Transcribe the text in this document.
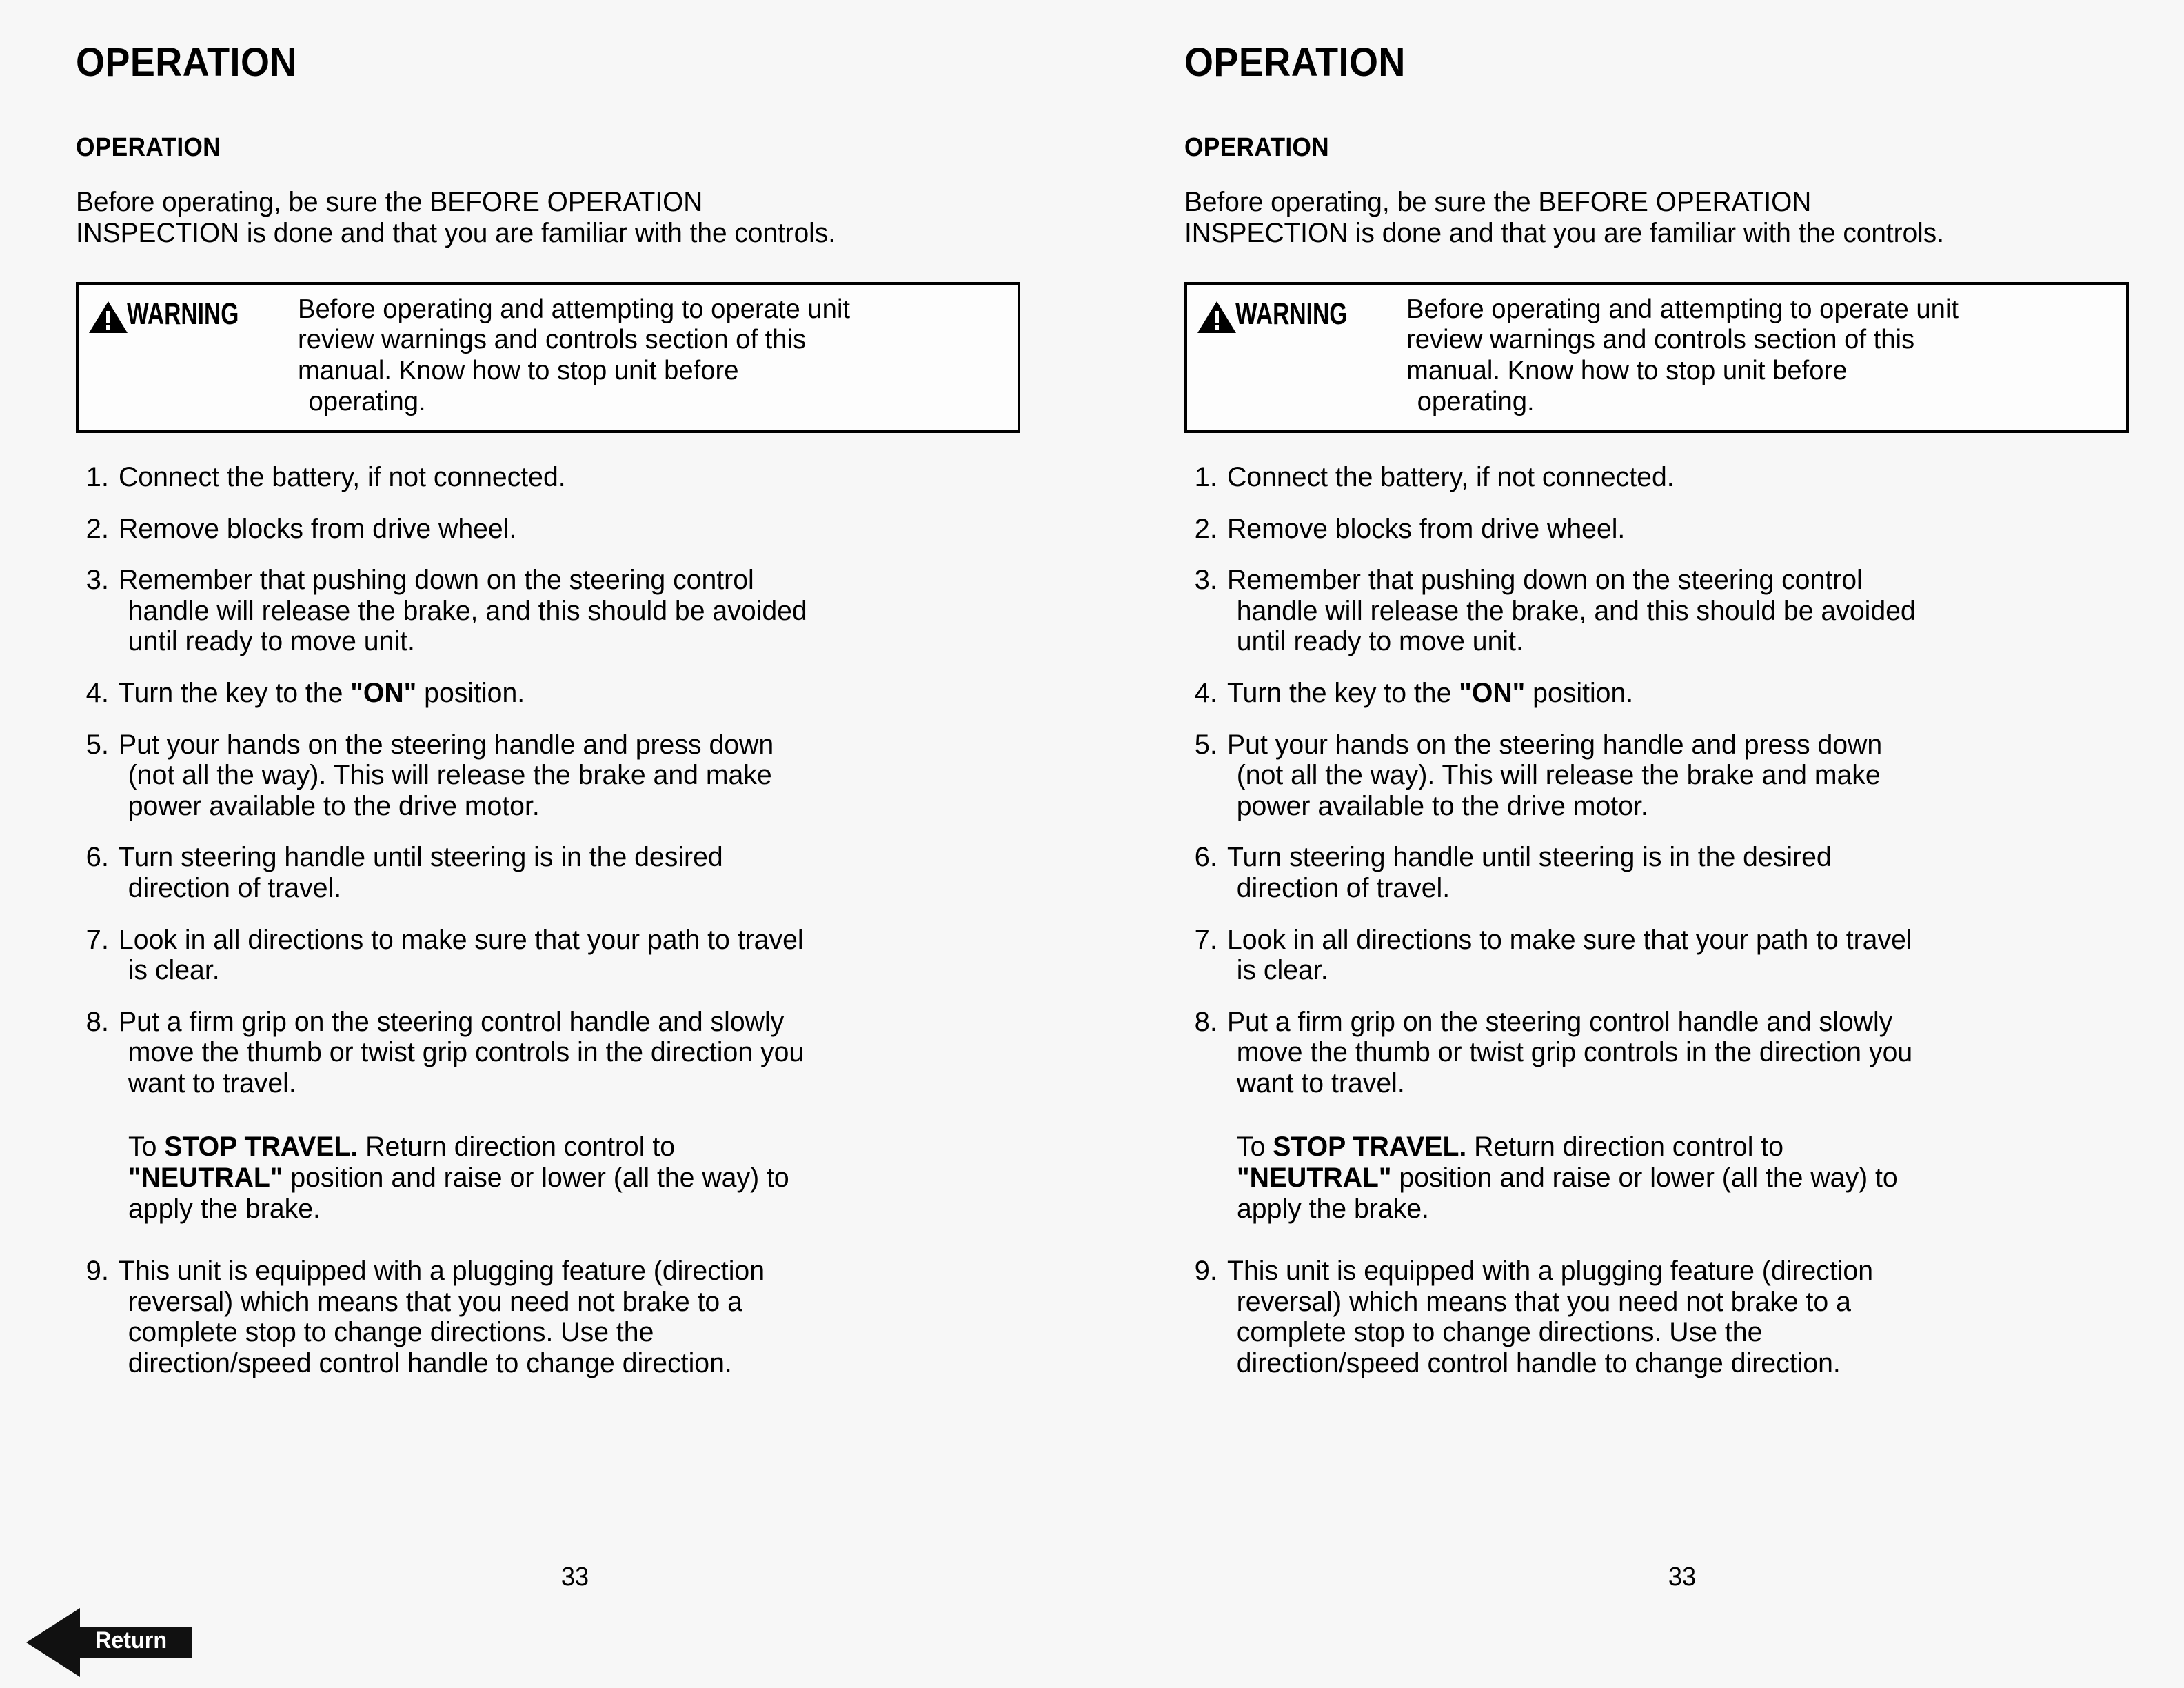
OPERATION
OPERATION

Before operating, be sure the BEFORE OPERATION
INSPECTION is done and that you are familiar with the controls.

WARNING Before operating and attempting to operate unit
review warnings and controls section of this
manual. Know how to stop unit before
operating.
1. Connect the battery, if not connected.
2. Remove blocks from drive wheel.
3. Remember that pushing down on the steering control
handle will release the brake, and this should be avoided
until ready to move unit.
4. Turn the key to the "ON" position.
5. Put your hands on the steering handle and press down
(not all the way). This will release the brake and make
power available to the drive motor.
6. Turn steering handle until steering is in the desired
direction of travel.
7. Look in all directions to make sure that your path to travel
is clear.
8. Put a firm grip on the steering control handle and slowly
move the thumb or twist grip controls in the direction you
want to travel.
To STOP TRAVEL. Return direction control to
"NEUTRAL" position and raise or lower (all the way) to
apply the brake.
9. This unit is equipped with a plugging feature (direction
reversal) which means that you need not brake to a
complete stop to change directions. Use the
direction/speed control handle to change direction.
33
OPERATION
OPERATION

Before operating, be sure the BEFORE OPERATION
INSPECTION is done and that you are familiar with the controls.

WARNING Before operating and attempting to operate unit
review warnings and controls section of this
manual. Know how to stop unit before
operating.
1. Connect the battery, if not connected.
2. Remove blocks from drive wheel.
3. Remember that pushing down on the steering control
handle will release the brake, and this should be avoided
until ready to move unit.
4. Turn the key to the "ON" position.
5. Put your hands on the steering handle and press down
(not all the way). This will release the brake and make
power available to the drive motor.
6. Turn steering handle until steering is in the desired
direction of travel.
7. Look in all directions to make sure that your path to travel
is clear.
8. Put a firm grip on the steering control handle and slowly
move the thumb or twist grip controls in the direction you
want to travel.
To STOP TRAVEL. Return direction control to
"NEUTRAL" position and raise or lower (all the way) to
apply the brake.
9. This unit is equipped with a plugging feature (direction
reversal) which means that you need not brake to a
complete stop to change directions. Use the
direction/speed control handle to change direction.
33
Return
